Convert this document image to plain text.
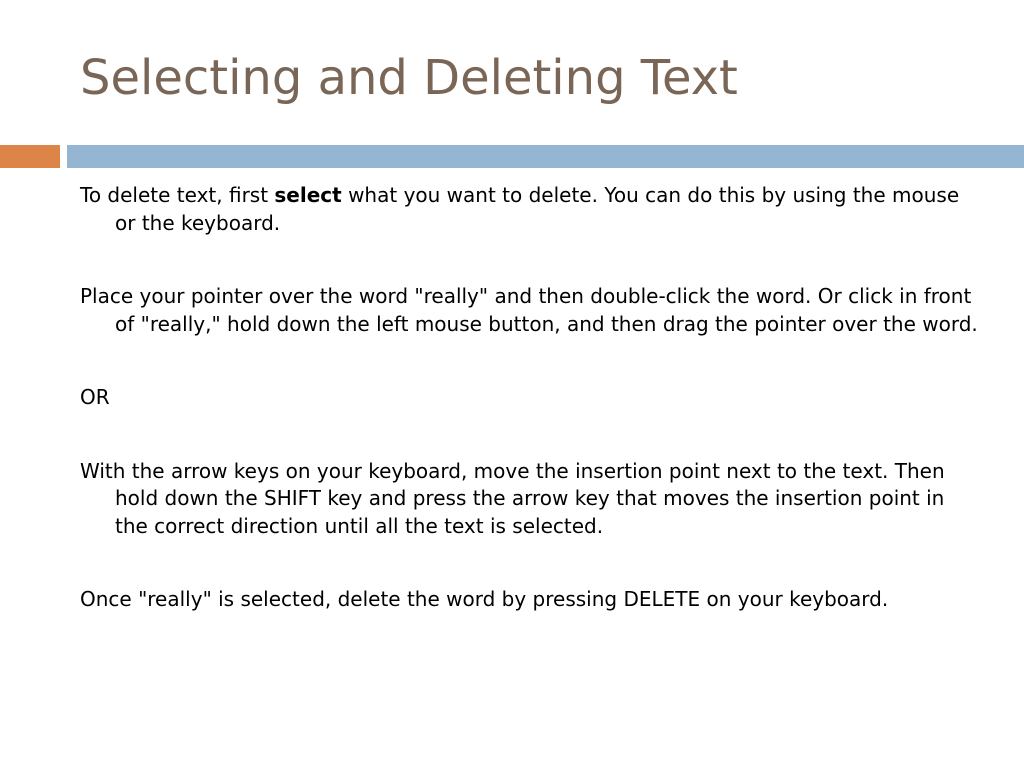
Selecting and Deleting Text

To delete text, first select what you want to delete. You can do this by using the mouse or the keyboard.

Place your pointer over the word "really" and then double-click the word. Or click in front of "really," hold down the left mouse button, and then drag the pointer over the word.

OR

With the arrow keys on your keyboard, move the insertion point next to the text. Then hold down the SHIFT key and press the arrow key that moves the insertion point in the correct direction until all the text is selected.

Once "really" is selected, delete the word by pressing DELETE on your keyboard.
